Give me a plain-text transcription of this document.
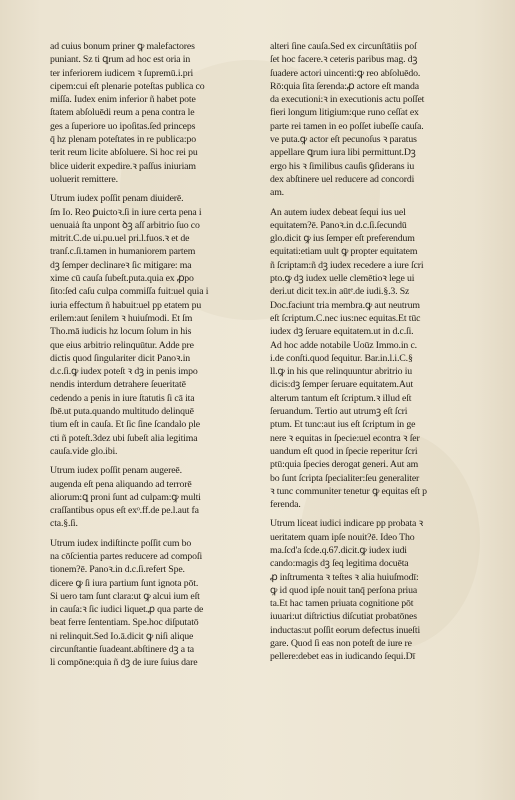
ad cuius bonum priner ꝙ malefactores
puniant. Sz ti ꝗrum ad hoc est oria in
ter inferiorem iudicem ꝛ ſupremū.i.pri
cipem:cui eſt plenarie poteſtas publica co
miſſa. Iudex enim inferior ñ habet pote
ſtatem abſoluēdi reum a pena contra le
ges a ſuperiore uo ipoſitas.ſed princeps
q̄ hz plenam poteſtates in re publica:po
terit reum licite abſoluere. Si hoc rei pu
blice uiderit expedire.ꝛ paſſus iniuriam
uoluerit remittere.
Utrum iudex poſſit penam diuiderē.
ſm Io. Reo ꝑuictoꝛ.ſi in iure certa pena i
uenuaiȧ ſta unpont ꝺꝫ aſſ arbitrio ſuo co
mitrit.C.de ui.pu.uel pri.l.fuos.ꝛ et de
tranſ.c.ſi.tamen in humaniorem partem
dꝫ ſemper declinareꝛ ſic mitigare: ma
xime cū cauſa ſubeſt.puta.quia ex ꝓpo
ſito:ſed caſu culpa commiſſa fuit:uel quia i
iuria effectum ñ habuit:uel pp etatem pu
erilem:aut ſenilem ꝛ huiuſmodi. Et ſm
Tho.mā iudicis hz locum ſolum in his
que eius arbitrio relinquūtur. Adde pre
dictis quod ſingulariter dicit Panoꝛ.in
d.c.ſi.ꝙ iudex poteſt ꝛ dꝫ in penis impo
nendis interdum detrahere ſeueritatē
cedendo a penis in iure ſtatutis ſi cā ita
ſbē.ut puta.quando multitudo delinquē
tium eſt in cauſa. Et ſic ſine ſcandalo ple
cti ñ poteſt.3dez ubi ſubeſt alia legitima
cauſa.vide glo.ibi.
Utrum iudex poſſit penam augereē.
augenda eſt pena aliquando ad terrorē
aliorum:ꝗ proni ſunt ad culpam:ꝙ multi
craſſantibus opus eſt exᵒ.ff.de pe.l.aut fa
cta.§.ſi.
Utrum iudex indiſtincte poſſit cum bo
na cōſcientia partes reducere ad compoſi
tionem?ē. Panoꝛ.in d.c.ſi.refert Spe.
dicere ꝙ ſi iura partium ſunt ignota pōt.
Si uero tam ſunt clara:ut ꝙ alcui ium eſt
in cauſa:ꝛ ſic iudici liquet.ꝓ qua parte de
beat ferre ſententiam. Spe.hoc diſputatō
ni relinquit.Sed Io.ā.dicit ꝙ niſi alique
circunſtantie ſuadeant.abſtinere dꝫ a ta
li compōne:quia ñ dꝫ de iure ſuius dare
alteri ſine cauſa.Sed ex circunſtātiis poſ
ſet hoc facere.ꝛ ceteris paribus mag. dꝫ
ſuadere actori uincenti:ꝙ reo abſoluēdo.
Rō:quia ſita ſerenda:ꝓ actore eſt manda
da executioni:ꝛ in executionis actu poſſet
fieri longum litigium:que runo ceſſat ex
parte rei tamen in eo poſſet iubeſſe cauſa.
ve puta.ꝙ actor eſt pecunoſus ꝛ paratus
appellare ꝗrum iura libi permittunt.Dꝫ
ergo his ꝛ ſimilibus cauſis ꝯſiderans iu
dex abſtinere uel reducere ad concordi
am.
An autem iudex debeat ſequi ius uel
equitatem?ē. Panoꝛ.in d.c.ſi.ſecundū
glo.dicit ꝙ ius ſemper eſt preferendum
equitati:etiam uult ꝙ propter equitatem
ñ ſcriptam:ñ dꝫ iudex recedere a iure ſcri
pto.ꝙ dꝫ iudex uelle clemētioꝛ lege ui
deri.ut dicit tex.in aūtᵉ.de iudi.§.3. Sz
Doc.faciunt tria membra.ꝙ aut neutrum
eſt ſcriptum.C.nec ius:nec equitas.Et tūc
iudex dꝫ ſeruare equitatem.ut in d.c.ſi.
Ad hoc adde notabile Uoūz Immo.in c.
i.de conſti.quod ſequitur. Bar.in.l.i.C.§
ll.ꝙ in his que relinquuntur abritrio iu
dicis:dꝫ ſemper ſeruare equitatem.Aut
alterum tantum eſt ſcriptum.ꝛ illud eſt
ſeruandum. Tertio aut utrumꝫ eſt ſcri
ptum. Et tunc:aut ius eſt ſcriptum in ge
nere ꝛ equitas in ſpecie:uel econtra ꝛ ſer
uandum eſt quod in ſpecie reperitur ſcri
ptū:quia ſpecies derogat generi. Aut am
bo ſunt ſcripta ſpecialiter:ſeu generaliter
ꝛ tunc communiter tenetur ꝙ equitas eſt p
ferenda.
Utrum liceat iudici indicare pp probata ꝛ
ueritatem quam ipſe nouit?ē. Ideo Tho
ma.ſcd'a ſcde.q.67.dicit.ꝙ iudex iudi
cando:magis dꝫ ſeq legitima docuēta
ꝓ inſtrumenta ꝛ teſtes ꝛ alia huiuſmodī:
ꝙ id quod ipſe nouit tanq̄ perſona priua
ta.Et hac tamen priuata cognitione pōt
iuuari:ut diſtrictius diſcutiat probatōnes
inductas:ut poſſit eorum defectus inueſti
gare. Quod ſi eas non poteſt de iure re
pellere:debet eas in iudicando ſequi.Dī
